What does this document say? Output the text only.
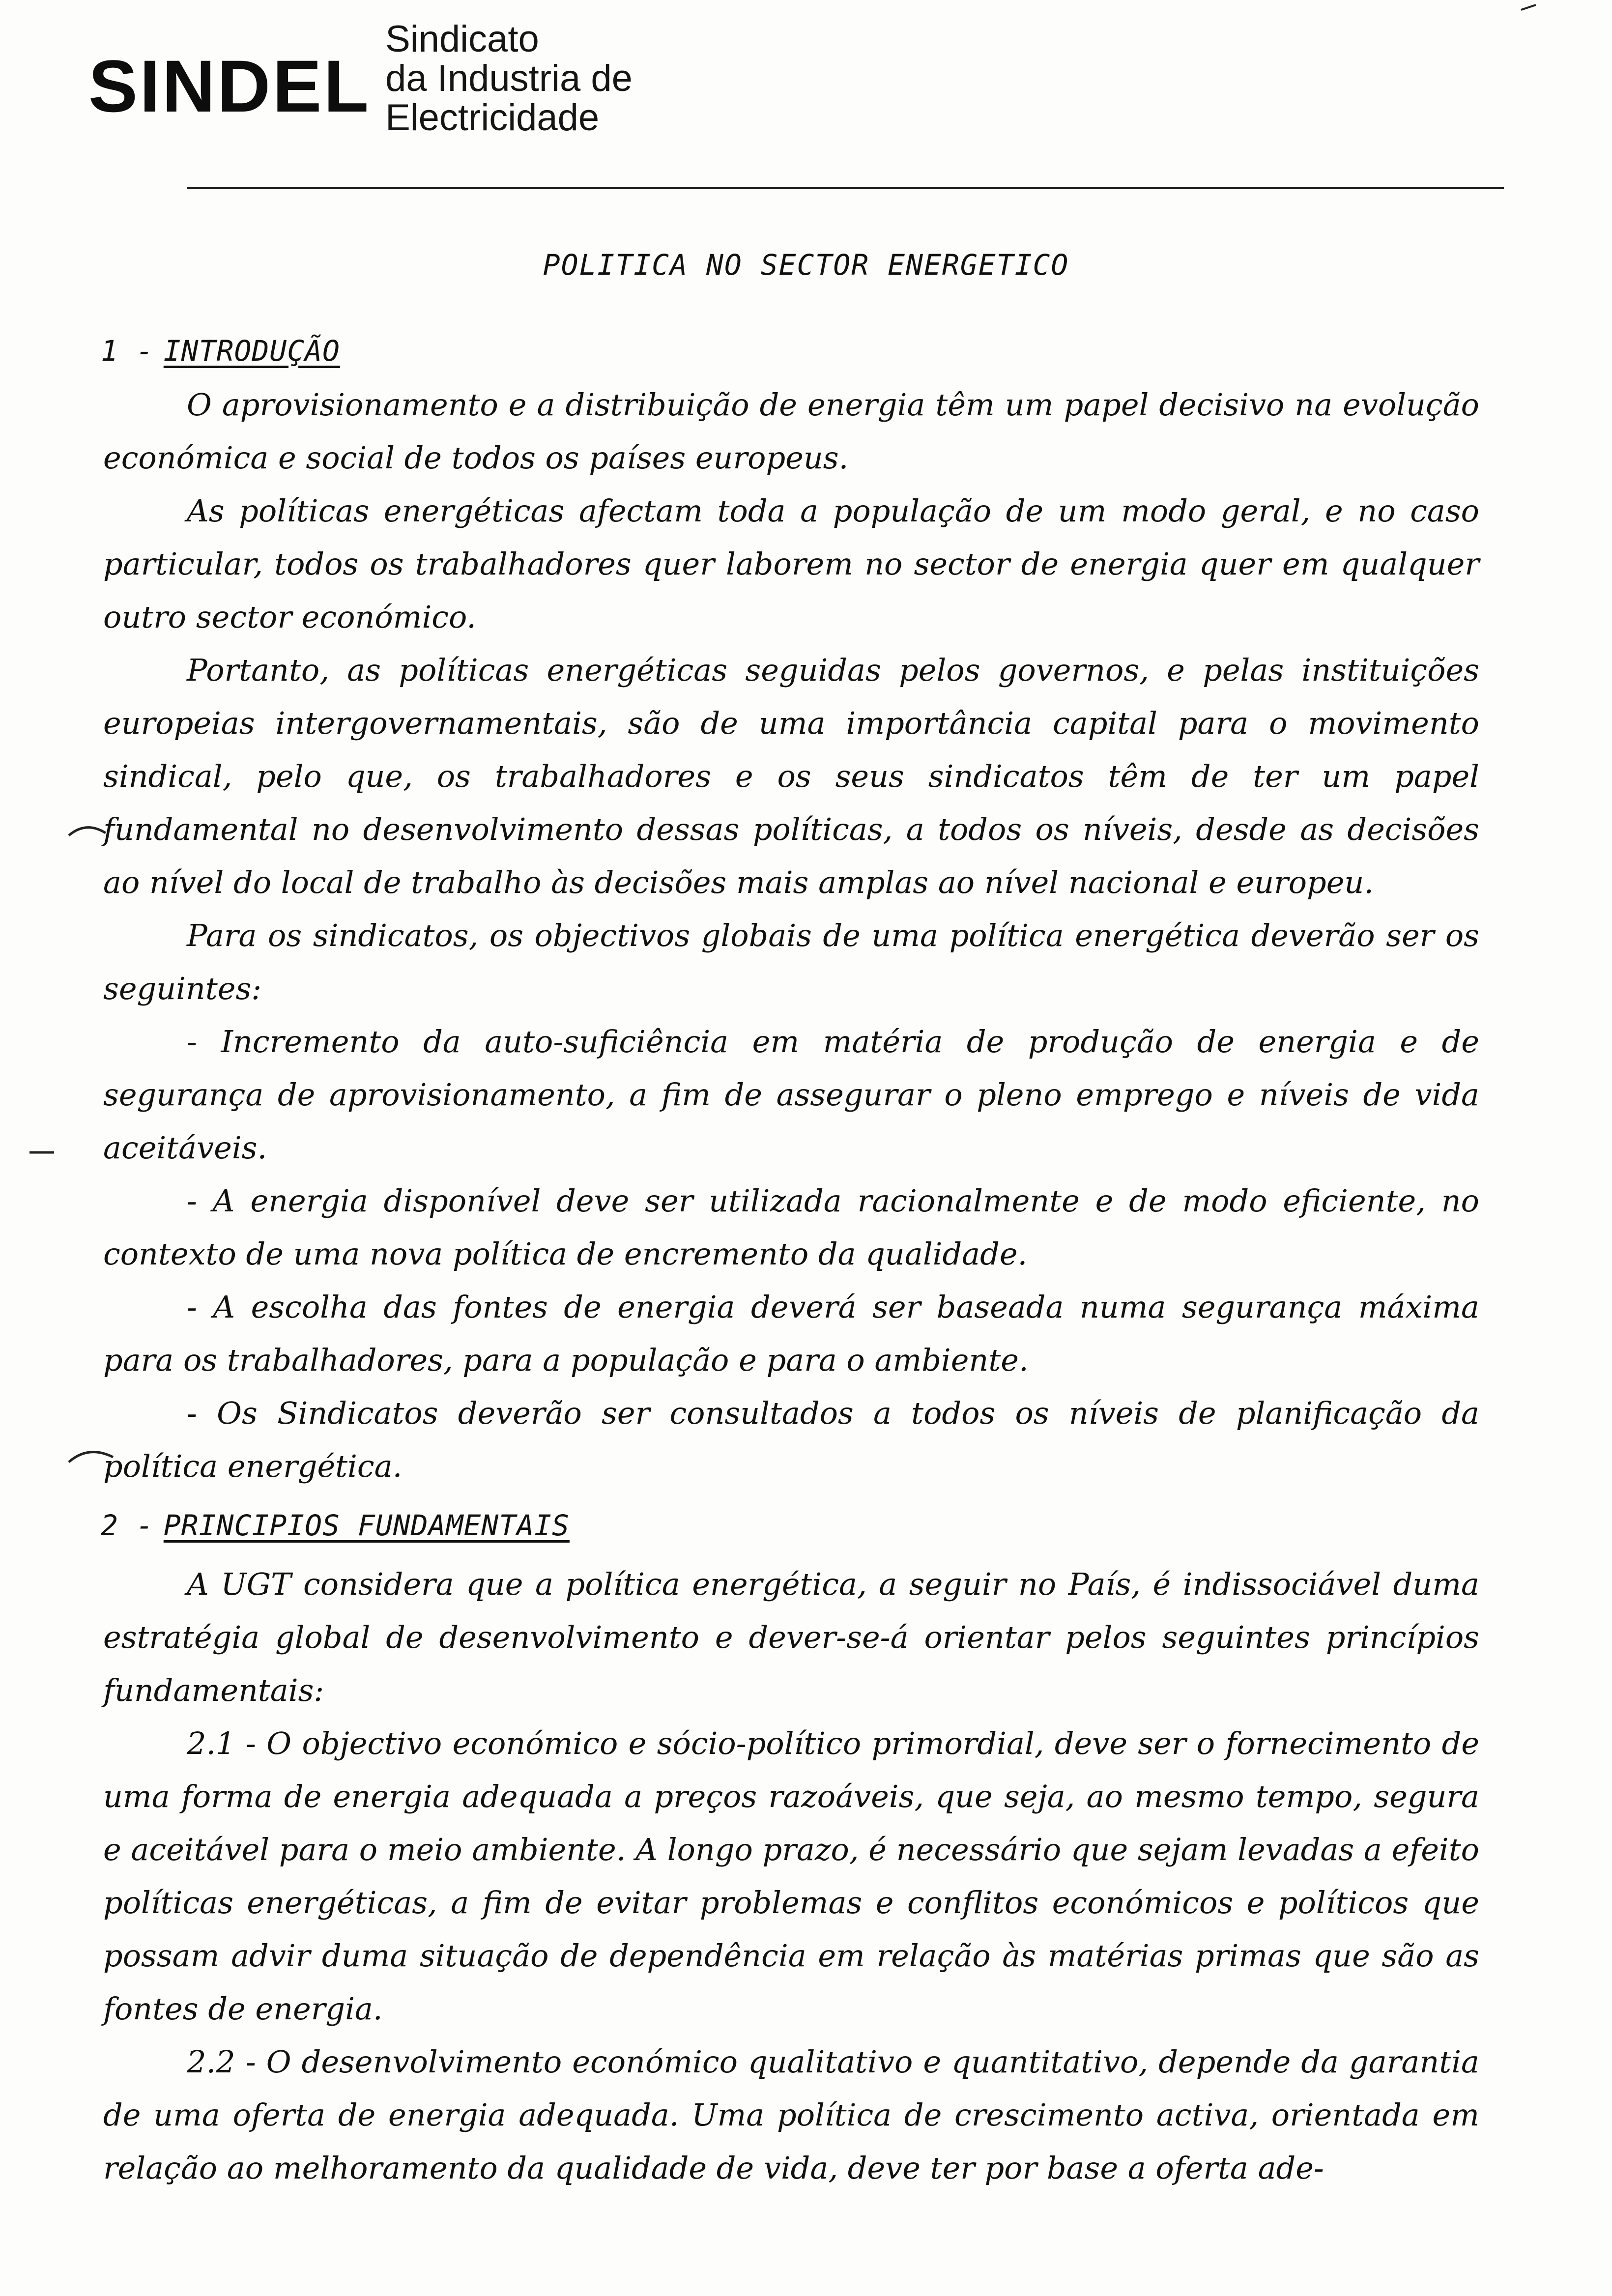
SINDEL
Sindicato
da Industria de
Electricidade
POLITICA NO SECTOR ENERGETICO
1 - INTRODUÇÃO

O aprovisionamento e a distribuição de energia têm um papel decisivo na evolução económica e social de todos os países europeus.

As políticas energéticas afectam toda a população de um modo geral, e no caso particular, todos os trabalhadores quer laborem no sector de energia quer em qualquer outro sector económico.

Portanto, as políticas energéticas seguidas pelos governos, e pelas instituições europeias intergovernamentais, são de uma importância capital para o movimento sindical, pelo que, os trabalhadores e os seus sindicatos têm de ter um papel fundamental no desenvolvimento dessas políticas, a todos os níveis, desde as decisões ao nível do local de trabalho às decisões mais amplas ao nível nacional e europeu.

Para os sindicatos, os objectivos globais de uma política energética deverão ser os seguintes:

- Incremento da auto-suficiência em matéria de produção de energia e de segurança de aprovisionamento, a fim de assegurar o pleno emprego e níveis de vida aceitáveis.

- A energia disponível deve ser utilizada racionalmente e de modo eficiente, no contexto de uma nova política de encremento da qualidade.

- A escolha das fontes de energia deverá ser baseada numa segurança máxima para os trabalhadores, para a população e para o ambiente.

- Os Sindicatos deverão ser consultados a todos os níveis de planificação da política energética.

2 - PRINCIPIOS FUNDAMENTAIS

A UGT considera que a política energética, a seguir no País, é indissociável duma estratégia global de desenvolvimento e dever-se-á orientar pelos seguintes princípios fundamentais:

2.1 - O objectivo económico e sócio-político primordial, deve ser o fornecimento de uma forma de energia adequada a preços razoáveis, que seja, ao mesmo tempo, segura e aceitável para o meio ambiente. A longo prazo, é necessário que sejam levadas a efeito políticas energéticas, a fim de evitar problemas e conflitos económicos e políticos que possam advir duma situação de dependência em relação às matérias primas que são as fontes de energia.

2.2 - O desenvolvimento económico qualitativo e quantitativo, depende da garantia de uma oferta de energia adequada. Uma política de crescimento activa, orientada em relação ao melhoramento da qualidade de vida, deve ter por base a oferta ade-
